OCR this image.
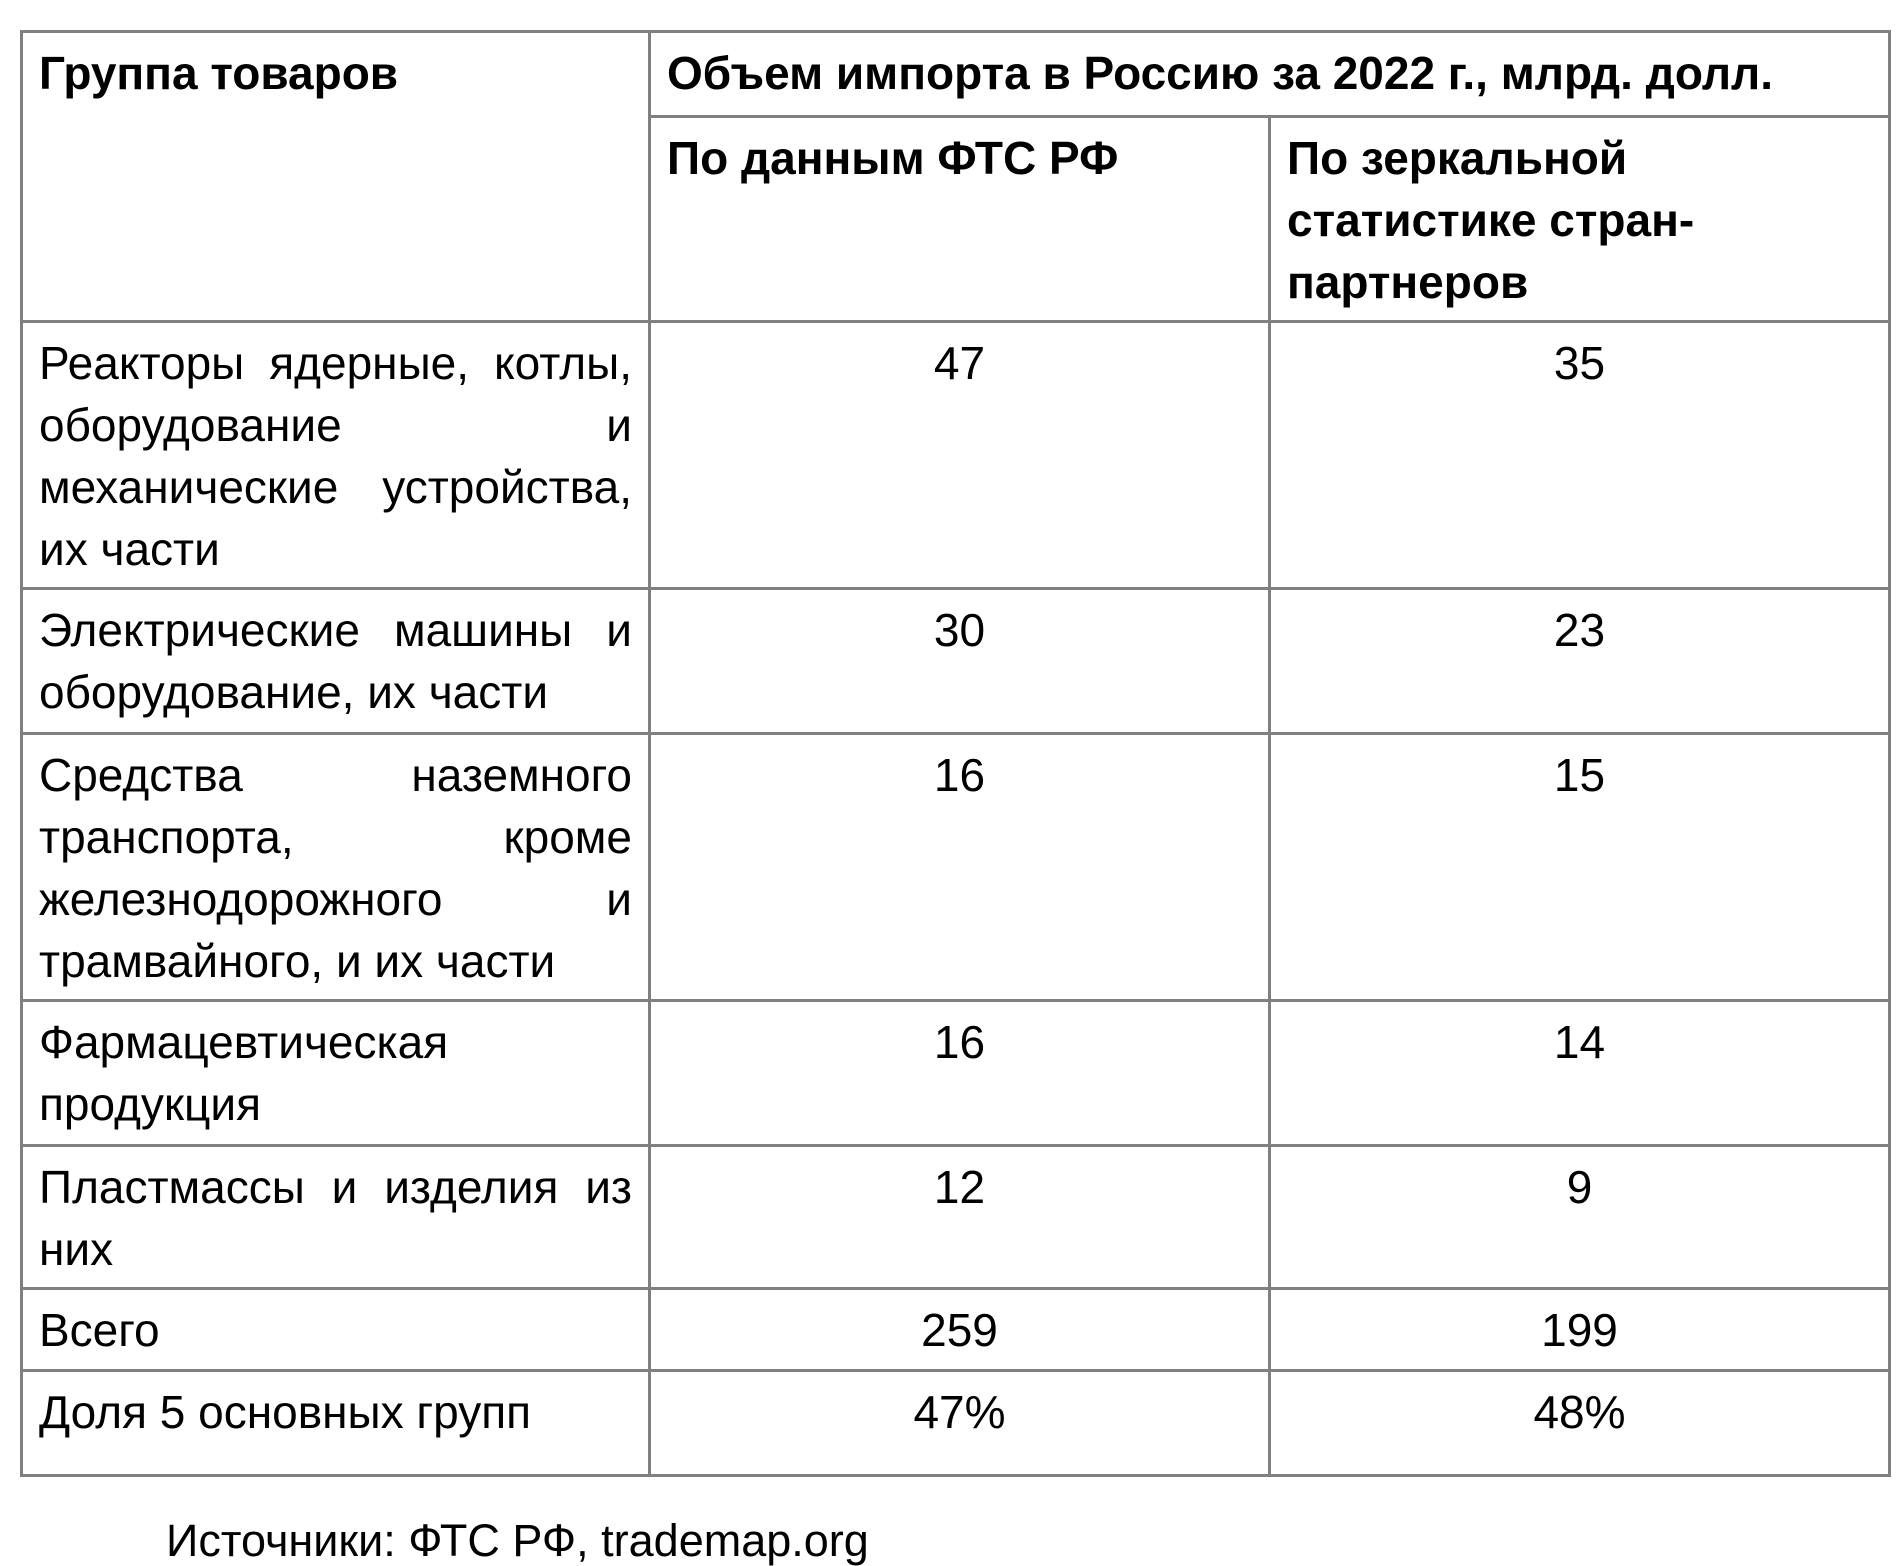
Группа товаров	Объем импорта в Россию за 2022 г., млрд. долл.	
	По данным ФТС РФ	По зеркальной статистике стран-партнеров
Реакторы ядерные, котлы, оборудование и механические устройства, их части	47	35
Электрические машины и оборудование, их части	30	23
Средства наземного транспорта, кроме железнодорожного и трамвайного, и их части	16	15
Фармацевтическая продукция	16	14
Пластмассы и изделия из них	12	9
Всего	259	199
Доля 5 основных групп	47%	48%
Источники: ФТС РФ, trademap.org
